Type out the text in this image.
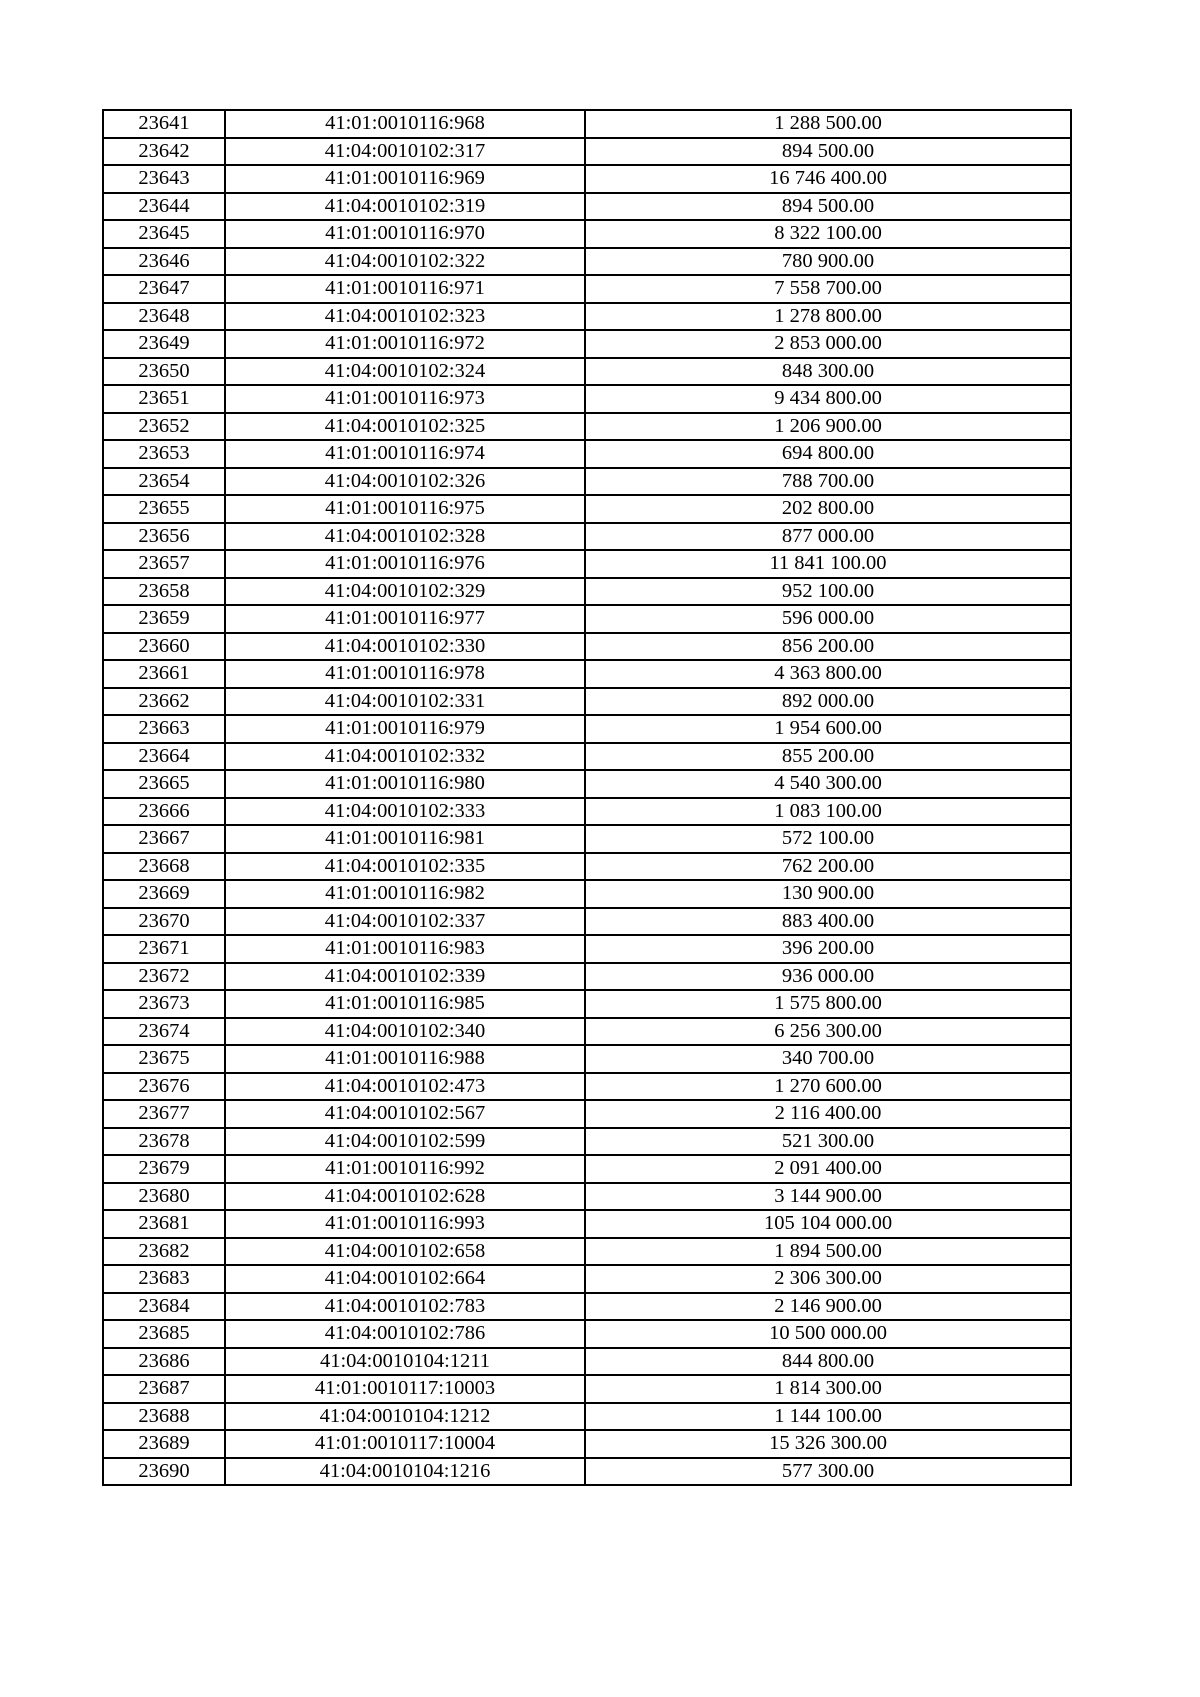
23641	41:01:0010116:968	1 288 500.00
23642	41:04:0010102:317	894 500.00
23643	41:01:0010116:969	16 746 400.00
23644	41:04:0010102:319	894 500.00
23645	41:01:0010116:970	8 322 100.00
23646	41:04:0010102:322	780 900.00
23647	41:01:0010116:971	7 558 700.00
23648	41:04:0010102:323	1 278 800.00
23649	41:01:0010116:972	2 853 000.00
23650	41:04:0010102:324	848 300.00
23651	41:01:0010116:973	9 434 800.00
23652	41:04:0010102:325	1 206 900.00
23653	41:01:0010116:974	694 800.00
23654	41:04:0010102:326	788 700.00
23655	41:01:0010116:975	202 800.00
23656	41:04:0010102:328	877 000.00
23657	41:01:0010116:976	11 841 100.00
23658	41:04:0010102:329	952 100.00
23659	41:01:0010116:977	596 000.00
23660	41:04:0010102:330	856 200.00
23661	41:01:0010116:978	4 363 800.00
23662	41:04:0010102:331	892 000.00
23663	41:01:0010116:979	1 954 600.00
23664	41:04:0010102:332	855 200.00
23665	41:01:0010116:980	4 540 300.00
23666	41:04:0010102:333	1 083 100.00
23667	41:01:0010116:981	572 100.00
23668	41:04:0010102:335	762 200.00
23669	41:01:0010116:982	130 900.00
23670	41:04:0010102:337	883 400.00
23671	41:01:0010116:983	396 200.00
23672	41:04:0010102:339	936 000.00
23673	41:01:0010116:985	1 575 800.00
23674	41:04:0010102:340	6 256 300.00
23675	41:01:0010116:988	340 700.00
23676	41:04:0010102:473	1 270 600.00
23677	41:04:0010102:567	2 116 400.00
23678	41:04:0010102:599	521 300.00
23679	41:01:0010116:992	2 091 400.00
23680	41:04:0010102:628	3 144 900.00
23681	41:01:0010116:993	105 104 000.00
23682	41:04:0010102:658	1 894 500.00
23683	41:04:0010102:664	2 306 300.00
23684	41:04:0010102:783	2 146 900.00
23685	41:04:0010102:786	10 500 000.00
23686	41:04:0010104:1211	844 800.00
23687	41:01:0010117:10003	1 814 300.00
23688	41:04:0010104:1212	1 144 100.00
23689	41:01:0010117:10004	15 326 300.00
23690	41:04:0010104:1216	577 300.00
